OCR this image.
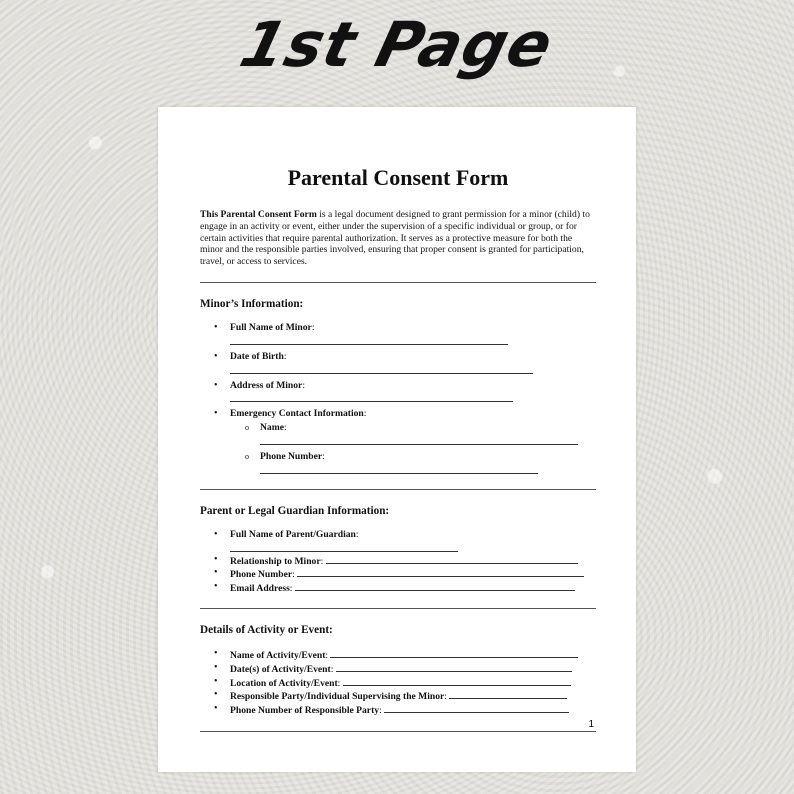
1st Page
Parental Consent Form

This Parental Consent Form is a legal document designed to grant permission for a minor (child) to engage in an activity or event, either under the supervision of a specific individual or group, or for certain activities that require parental authorization. It serves as a protective measure for both the minor and the responsible parties involved, ensuring that proper consent is granted for participation, travel, or access to services.

Minor’s Information:
• Full Name of Minor:
• Date of Birth:
• Address of Minor:
• Emergency Contact Information:
o Name:
o Phone Number:
Parent or Legal Guardian Information:
• Full Name of Parent/Guardian:
• Relationship to Minor:
• Phone Number:
• Email Address:
Details of Activity or Event:
• Name of Activity/Event:
• Date(s) of Activity/Event:
• Location of Activity/Event:
• Responsible Party/Individual Supervising the Minor:
• Phone Number of Responsible Party:
1
